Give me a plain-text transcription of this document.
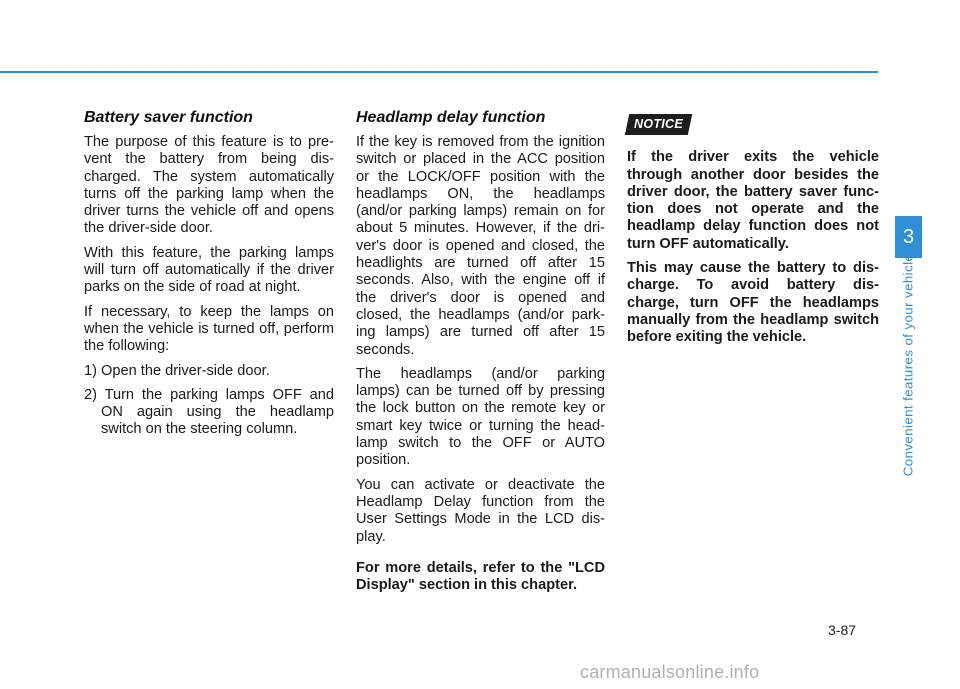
Battery saver function

The purpose of this feature is to pre- vent the battery from being dis- charged. The system automatically turns off the parking lamp when the driver turns the vehicle off and opens the driver-side door.

With this feature, the parking lamps will turn off automatically if the driver parks on the side of road at night.

If necessary, to keep the lamps on when the vehicle is turned off, perform the following:

1) Open the driver-side door.
2) Turn the parking lamps OFF and ON again using the headlamp switch on the steering column.
Headlamp delay function

If the key is removed from the ignition switch or placed in the ACC position or the LOCK/OFF position with the headlamps ON, the headlamps (and/or parking lamps) remain on for about 5 minutes. However, if the dri- ver's door is opened and closed, the headlights are turned off after 15 seconds. Also, with the engine off if the driver's door is opened and closed, the headlamps (and/or park- ing lamps) are turned off after 15 seconds.

The headlamps (and/or parking lamps) can be turned off by pressing the lock button on the remote key or smart key twice or turning the head- lamp switch to the OFF or AUTO position.

You can activate or deactivate the Headlamp Delay function from the User Settings Mode in the LCD dis- play.

For more details, refer to the "LCD Display" section in this chapter.

NOTICE

If the driver exits the vehicle through another door besides the driver door, the battery saver func- tion does not operate and the headlamp delay function does not turn OFF automatically.

This may cause the battery to dis- charge. To avoid battery dis- charge, turn OFF the headlamps manually from the headlamp switch before exiting the vehicle.

3
Convenient features of your vehicle
3-87
carmanualsonline.info
